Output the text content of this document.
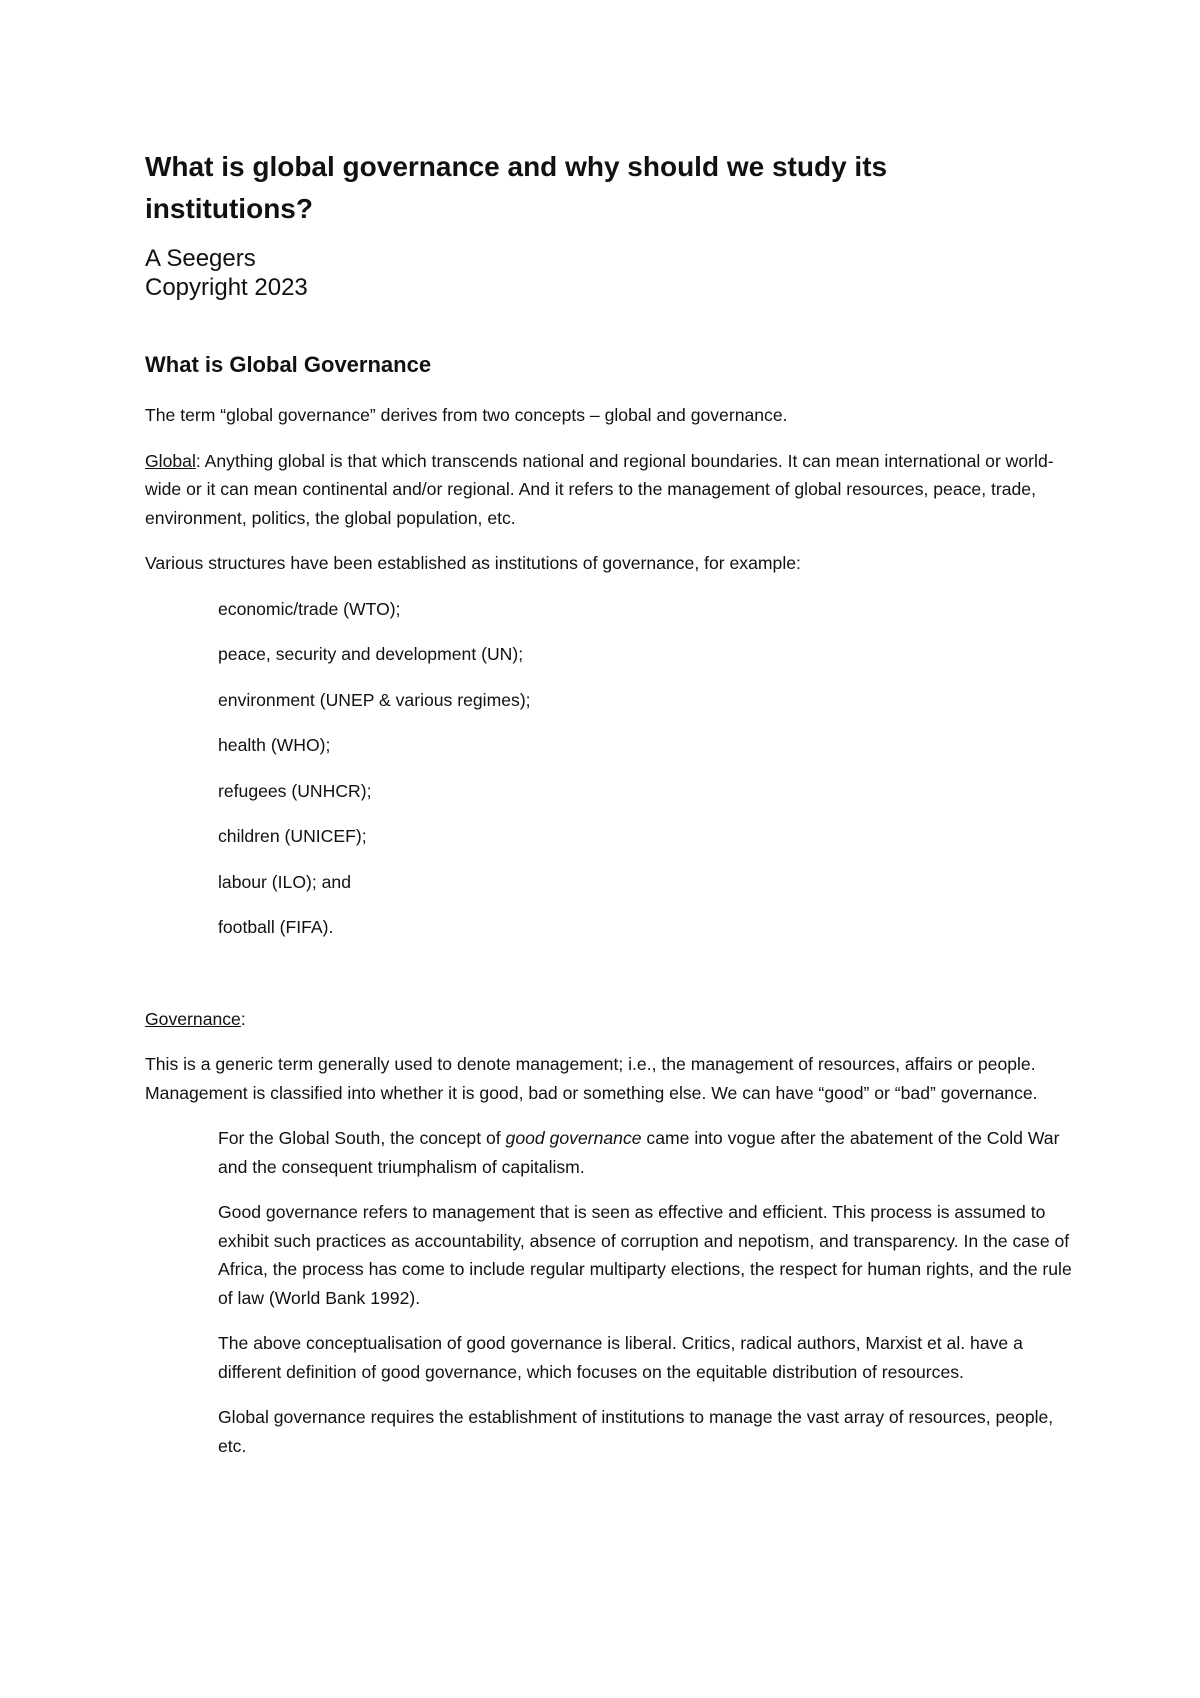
What is global governance and why should we study its institutions?
A Seegers
Copyright 2023
What is Global Governance

The term “global governance” derives from two concepts – global and governance.

Global: Anything global is that which transcends national and regional boundaries. It can mean international or world-wide or it can mean continental and/or regional. And it refers to the management of global resources, peace, trade, environment, politics, the global population, etc.

Various structures have been established as institutions of governance, for example:

economic/trade (WTO);
peace, security and development (UN);
environment (UNEP & various regimes);
health (WHO);
refugees (UNHCR);
children (UNICEF);
labour (ILO); and
football (FIFA).

Governance:

This is a generic term generally used to denote management; i.e., the management of resources, affairs or people. Management is classified into whether it is good, bad or something else. We can have “good” or “bad” governance.

For the Global South, the concept of good governance came into vogue after the abatement of the Cold War and the consequent triumphalism of capitalism.

Good governance refers to management that is seen as effective and efficient. This process is assumed to exhibit such practices as accountability, absence of corruption and nepotism, and transparency. In the case of Africa, the process has come to include regular multiparty elections, the respect for human rights, and the rule of law (World Bank 1992).

The above conceptualisation of good governance is liberal. Critics, radical authors, Marxist et al. have a different definition of good governance, which focuses on the equitable distribution of resources.

Global governance requires the establishment of institutions to manage the vast array of resources, people, etc.
